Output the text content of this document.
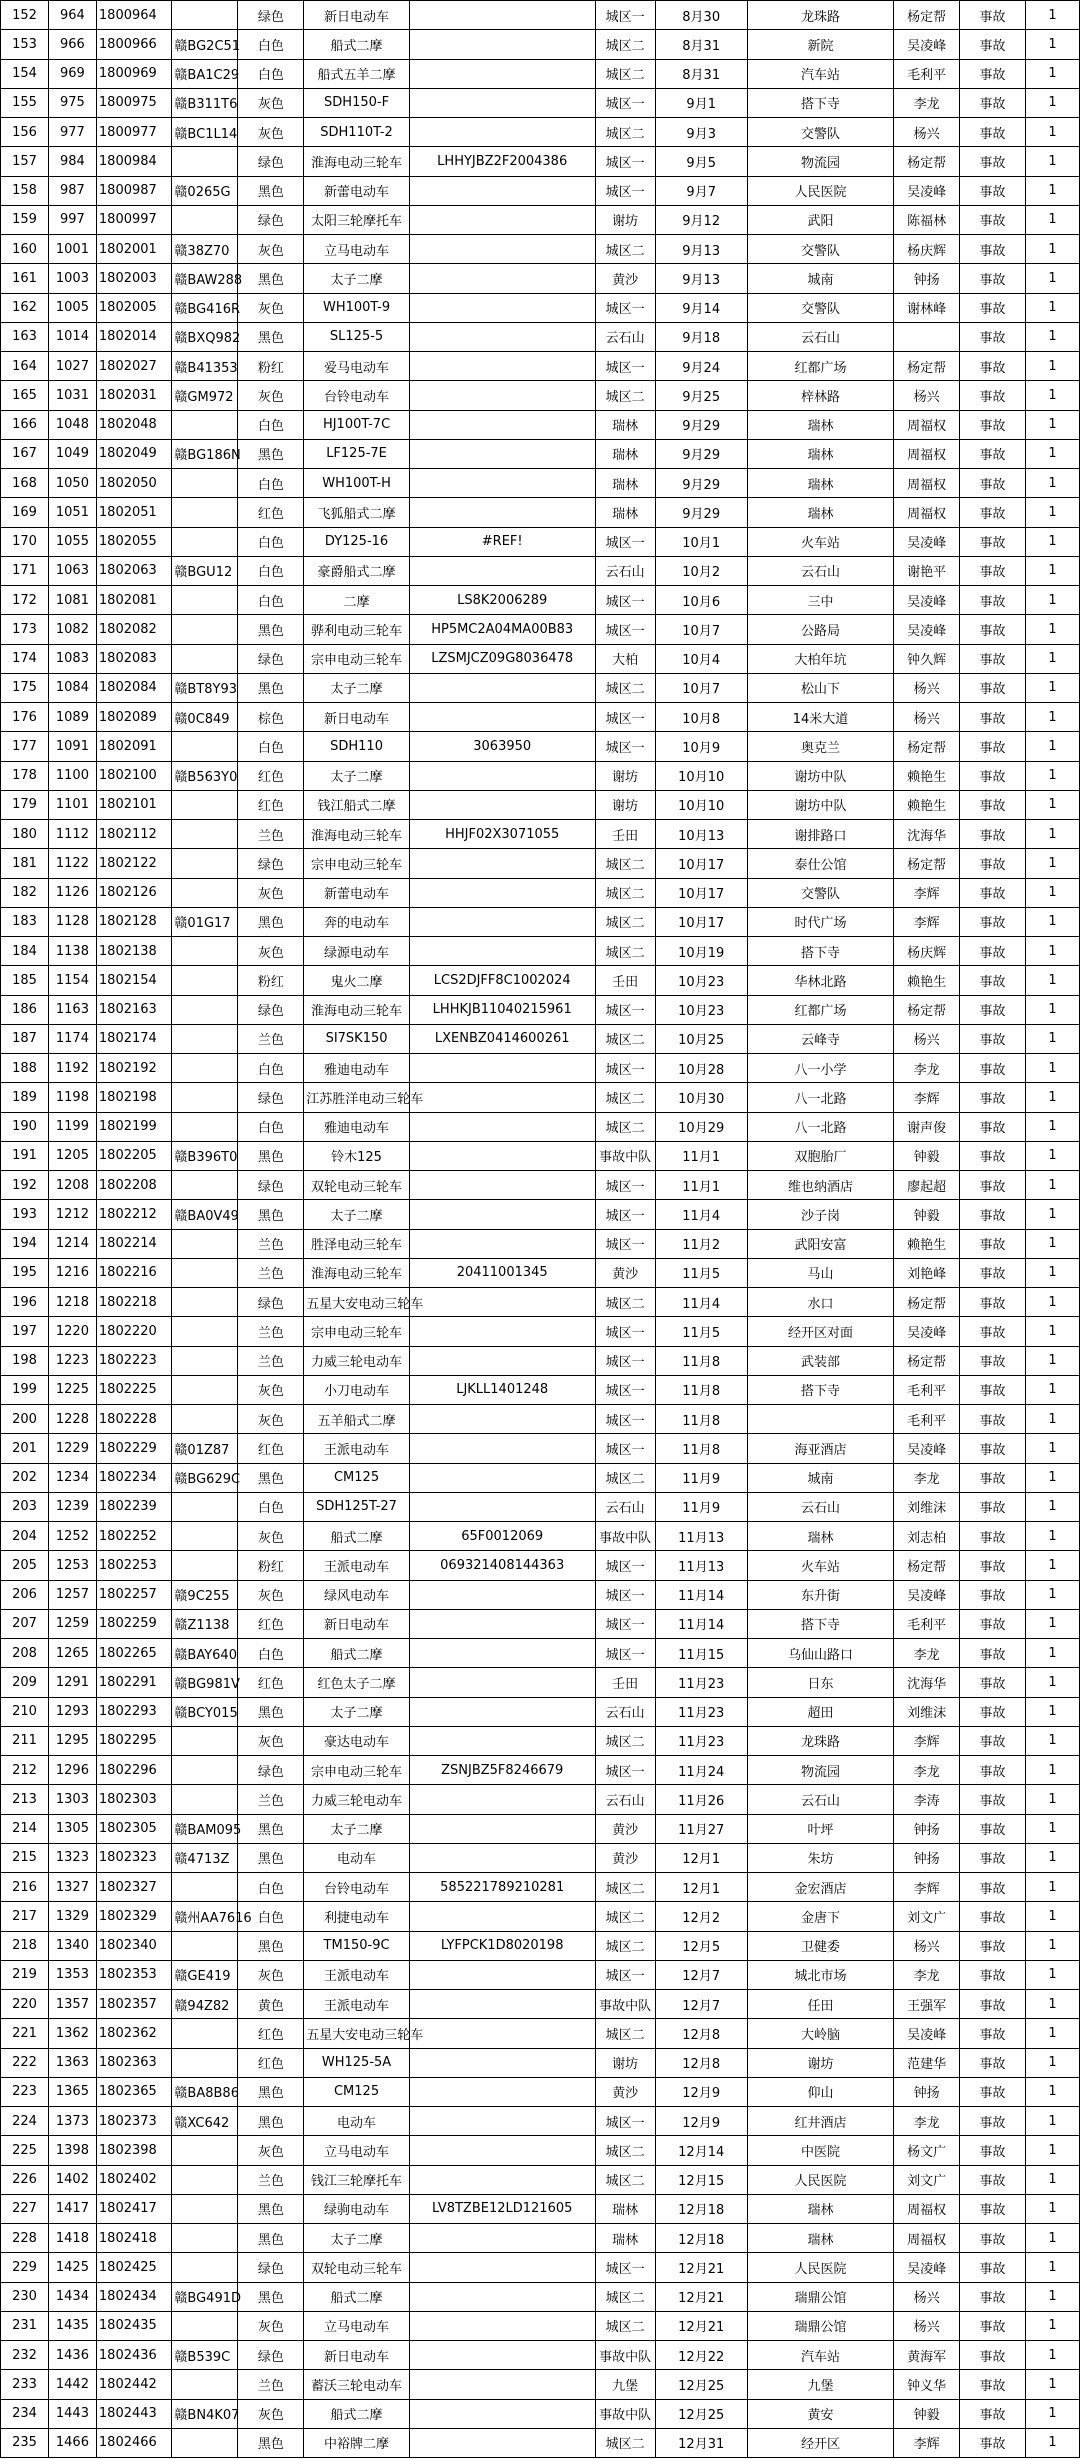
152	964	1800964		绿色	新日电动车		城区一	8月30	龙珠路	杨定帮	事故	1
153	966	1800966	赣BG2C51	白色	船式二摩		城区二	8月31	新院	吴凌峰	事故	1
154	969	1800969	赣BA1C29	白色	船式五羊二摩		城区二	8月31	汽车站	毛利平	事故	1
155	975	1800975	赣B311T6	灰色	SDH150-F		城区一	9月1	搭下寺	李龙	事故	1
156	977	1800977	赣BC1L14	灰色	SDH110T-2		城区二	9月3	交警队	杨兴	事故	1
157	984	1800984		绿色	淮海电动三轮车	LHHYJBZ2F2004386	城区一	9月5	物流园	杨定帮	事故	1
158	987	1800987	赣0265G	黑色	新蕾电动车		城区一	9月7	人民医院	吴凌峰	事故	1
159	997	1800997		绿色	太阳三轮摩托车		谢坊	9月12	武阳	陈福林	事故	1
160	1001	1802001	赣38Z70	灰色	立马电动车		城区二	9月13	交警队	杨庆辉	事故	1
161	1003	1802003	赣BAW288	黑色	太子二摩		黄沙	9月13	城南	钟扬	事故	1
162	1005	1802005	赣BG416R	灰色	WH100T-9		城区一	9月14	交警队	谢林峰	事故	1
163	1014	1802014	赣BXQ982	黑色	SL125-5		云石山	9月18	云石山		事故	1
164	1027	1802027	赣B41353	粉红	爱马电动车		城区一	9月24	红都广场	杨定帮	事故	1
165	1031	1802031	赣GM972	灰色	台铃电动车		城区二	9月25	梓林路	杨兴	事故	1
166	1048	1802048		白色	HJ100T-7C		瑞林	9月29	瑞林	周福权	事故	1
167	1049	1802049	赣BG186N	黑色	LF125-7E		瑞林	9月29	瑞林	周福权	事故	1
168	1050	1802050		白色	WH100T-H		瑞林	9月29	瑞林	周福权	事故	1
169	1051	1802051		红色	飞狐船式二摩		瑞林	9月29	瑞林	周福权	事故	1
170	1055	1802055		白色	DY125-16	#REF!	城区一	10月1	火车站	吴凌峰	事故	1
171	1063	1802063	赣BGU12	白色	豪爵船式二摩		云石山	10月2	云石山	谢艳平	事故	1
172	1081	1802081		白色	二摩	LS8K2006289	城区一	10月6	三中	吴凌峰	事故	1
173	1082	1802082		黑色	骅利电动三轮车	HP5MC2A04MA00B83	城区一	10月7	公路局	吴凌峰	事故	1
174	1083	1802083		绿色	宗申电动三轮车	LZSMJCZ09G8036478	大柏	10月4	大柏年坑	钟久辉	事故	1
175	1084	1802084	赣BT8Y93	黑色	太子二摩		城区二	10月7	松山下	杨兴	事故	1
176	1089	1802089	赣0C849	棕色	新日电动车		城区一	10月8	14米大道	杨兴	事故	1
177	1091	1802091		白色	SDH110	3063950	城区一	10月9	奥克兰	杨定帮	事故	1
178	1100	1802100	赣B563Y0	红色	太子二摩		谢坊	10月10	谢坊中队	赖艳生	事故	1
179	1101	1802101		红色	钱江船式二摩		谢坊	10月10	谢坊中队	赖艳生	事故	1
180	1112	1802112		兰色	淮海电动三轮车	HHJF02X3071055	壬田	10月13	谢排路口	沈海华	事故	1
181	1122	1802122		绿色	宗申电动三轮车		城区二	10月17	泰仕公馆	杨定帮	事故	1
182	1126	1802126		灰色	新蕾电动车		城区二	10月17	交警队	李辉	事故	1
183	1128	1802128	赣01G17	黑色	奔的电动车		城区二	10月17	时代广场	李辉	事故	1
184	1138	1802138		灰色	绿源电动车		城区二	10月19	搭下寺	杨庆辉	事故	1
185	1154	1802154		粉红	鬼火二摩	LCS2DJFF8C1002024	壬田	10月23	华林北路	赖艳生	事故	1
186	1163	1802163		绿色	淮海电动三轮车	LHHKJB11040215961	城区一	10月23	红都广场	杨定帮	事故	1
187	1174	1802174		兰色	SI7SK150	LXENBZ0414600261	城区二	10月25	云峰寺	杨兴	事故	1
188	1192	1802192		白色	雅迪电动车		城区一	10月28	八一小学	李龙	事故	1
189	1198	1802198		绿色	江苏胜洋电动三轮车		城区二	10月30	八一北路	李辉	事故	1
190	1199	1802199		白色	雅迪电动车		城区二	10月29	八一北路	谢声俊	事故	1
191	1205	1802205	赣B396T0	黑色	铃木125		事故中队	11月1	双胞胎厂	钟毅	事故	1
192	1208	1802208		绿色	双轮电动三轮车		城区一	11月1	维也纳酒店	廖起超	事故	1
193	1212	1802212	赣BA0V49	黑色	太子二摩		城区一	11月4	沙子岗	钟毅	事故	1
194	1214	1802214		兰色	胜泽电动三轮车		城区一	11月2	武阳安富	赖艳生	事故	1
195	1216	1802216		兰色	淮海电动三轮车	20411001345	黄沙	11月5	马山	刘艳峰	事故	1
196	1218	1802218		绿色	五星大安电动三轮车		城区二	11月4	水口	杨定帮	事故	1
197	1220	1802220		兰色	宗申电动三轮车		城区一	11月5	经开区对面	吴凌峰	事故	1
198	1223	1802223		兰色	力威三轮电动车		城区一	11月8	武装部	杨定帮	事故	1
199	1225	1802225		灰色	小刀电动车	LJKLL1401248	城区一	11月8	搭下寺	毛利平	事故	1
200	1228	1802228		灰色	五羊船式二摩		城区一	11月8		毛利平	事故	1
201	1229	1802229	赣01Z87	红色	王派电动车		城区一	11月8	海亚酒店	吴凌峰	事故	1
202	1234	1802234	赣BG629C	黑色	CM125		城区二	11月9	城南	李龙	事故	1
203	1239	1802239		白色	SDH125T-27		云石山	11月9	云石山	刘维沫	事故	1
204	1252	1802252		灰色	船式二摩	65F0012069	事故中队	11月13	瑞林	刘志柏	事故	1
205	1253	1802253		粉红	王派电动车	069321408144363	城区一	11月13	火车站	杨定帮	事故	1
206	1257	1802257	赣9C255	灰色	绿风电动车		城区一	11月14	东升街	吴凌峰	事故	1
207	1259	1802259	赣Z1138	红色	新日电动车		城区一	11月14	搭下寺	毛利平	事故	1
208	1265	1802265	赣BAY640	白色	船式二摩		城区一	11月15	乌仙山路口	李龙	事故	1
209	1291	1802291	赣BG981V	红色	红色太子二摩		壬田	11月23	日东	沈海华	事故	1
210	1293	1802293	赣BCY015	黑色	太子二摩		云石山	11月23	超田	刘维沫	事故	1
211	1295	1802295		灰色	豪达电动车		城区二	11月23	龙珠路	李辉	事故	1
212	1296	1802296		绿色	宗申电动三轮车	ZSNJBZ5F8246679	城区一	11月24	物流园	李龙	事故	1
213	1303	1802303		兰色	力威三轮电动车		云石山	11月26	云石山	李涛	事故	1
214	1305	1802305	赣BAM095	黑色	太子二摩		黄沙	11月27	叶坪	钟扬	事故	1
215	1323	1802323	赣4713Z	黑色	电动车		黄沙	12月1	朱坊	钟扬	事故	1
216	1327	1802327		白色	台铃电动车	585221789210281	城区二	12月1	金宏酒店	李辉	事故	1
217	1329	1802329	赣州AA7616	白色	利捷电动车		城区二	12月2	金唐下	刘文广	事故	1
218	1340	1802340		黑色	TM150-9C	LYFPCK1D8020198	城区二	12月5	卫健委	杨兴	事故	1
219	1353	1802353	赣GE419	灰色	王派电动车		城区一	12月7	城北市场	李龙	事故	1
220	1357	1802357	赣94Z82	黄色	王派电动车		事故中队	12月7	任田	王强军	事故	1
221	1362	1802362		红色	五星大安电动三轮车		城区二	12月8	大岭脑	吴凌峰	事故	1
222	1363	1802363		红色	WH125-5A		谢坊	12月8	谢坊	范建华	事故	1
223	1365	1802365	赣BA8B86	黑色	CM125		黄沙	12月9	仰山	钟扬	事故	1
224	1373	1802373	赣XC642	黑色	电动车		城区一	12月9	红井酒店	李龙	事故	1
225	1398	1802398		灰色	立马电动车		城区二	12月14	中医院	杨文广	事故	1
226	1402	1802402		兰色	钱江三轮摩托车		城区二	12月15	人民医院	刘文广	事故	1
227	1417	1802417		黑色	绿驹电动车	LV8TZBE12LD121605	瑞林	12月18	瑞林	周福权	事故	1
228	1418	1802418		黑色	太子二摩		瑞林	12月18	瑞林	周福权	事故	1
229	1425	1802425		绿色	双轮电动三轮车		城区一	12月21	人民医院	吴凌峰	事故	1
230	1434	1802434	赣BG491D	黑色	船式二摩		城区二	12月21	瑞鼎公馆	杨兴	事故	1
231	1435	1802435		灰色	立马电动车		城区二	12月21	瑞鼎公馆	杨兴	事故	1
232	1436	1802436	赣B539C	绿色	新日电动车		事故中队	12月22	汽车站	黄海军	事故	1
233	1442	1802442		兰色	蓄沃三轮电动车		九堡	12月25	九堡	钟义华	事故	1
234	1443	1802443	赣BN4K07	灰色	船式二摩		事故中队	12月25	黄安	钟毅	事故	1
235	1466	1802466		黑色	中裕牌二摩		城区二	12月31	经开区	李辉	事故	1
